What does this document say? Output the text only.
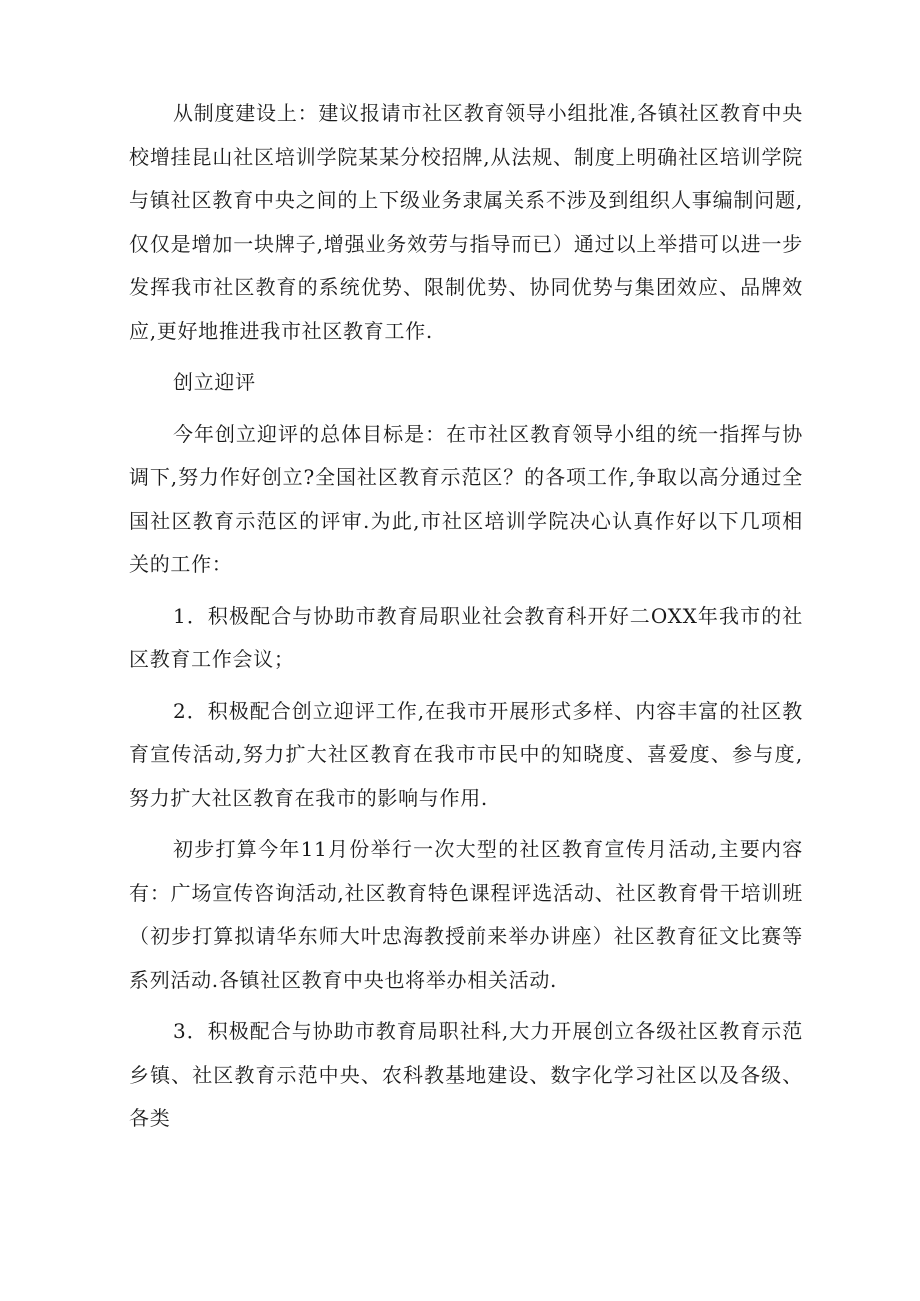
从制度建设上：建议报请市社区教育领导小组批准,各镇社区教育中央校增挂昆山社区培训学院某某分校招牌,从法规、制度上明确社区培训学院与镇社区教育中央之间的上下级业务隶属关系不涉及到组织人事编制问题,仅仅是增加一块牌子,增强业务效劳与指导而已）通过以上举措可以进一步发挥我市社区教育的系统优势、限制优势、协同优势与集团效应、品牌效应,更好地推进我市社区教育工作.

创立迎评

今年创立迎评的总体目标是：在市社区教育领导小组的统一指挥与协调下,努力作好创立?全国社区教育示范区？的各项工作,争取以高分通过全国社区教育示范区的评审.为此,市社区培训学院决心认真作好以下几项相关的工作：

1．积极配合与协助市教育局职业社会教育科开好二OXX年我市的社区教育工作会议；

2．积极配合创立迎评工作,在我市开展形式多样、内容丰富的社区教育宣传活动,努力扩大社区教育在我市市民中的知晓度、喜爱度、参与度,努力扩大社区教育在我市的影响与作用.

初步打算今年11月份举行一次大型的社区教育宣传月活动,主要内容有：广场宣传咨询活动,社区教育特色课程评选活动、社区教育骨干培训班（初步打算拟请华东师大叶忠海教授前来举办讲座）社区教育征文比赛等系列活动.各镇社区教育中央也将举办相关活动.

3．积极配合与协助市教育局职社科,大力开展创立各级社区教育示范乡镇、社区教育示范中央、农科教基地建设、数字化学习社区以及各级、各类
